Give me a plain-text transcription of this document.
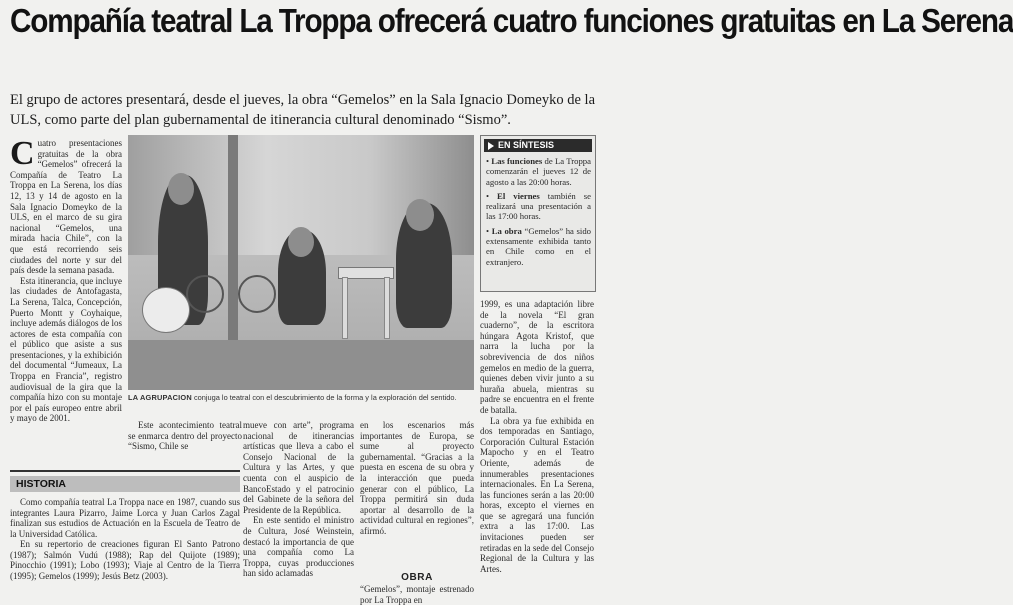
Compañía teatral La Troppa ofrecerá cuatro funciones gratuitas en La Serena

El grupo de actores presentará, desde el jueves, la obra “Gemelos” en la Sala Ignacio Domeyko de la ULS, como parte del plan gubernamental de itinerancia cultural denominado “Sismo”.

Cuatro presentaciones gratuitas de la obra “Gemelos” ofrecerá la Compañía de Teatro La Troppa en La Serena, los días 12, 13 y 14 de agosto en la Sala Ignacio Domeyko de la ULS, en el marco de su gira nacional “Gemelos, una mirada hacia Chile”, con la que está recorriendo seis ciudades del norte y sur del país desde la semana pasada.

Esta itinerancia, que incluye las ciudades de Antofagasta, La Serena, Talca, Concepción, Puerto Montt y Coyhaique, incluye además diálogos de los actores de esta compañía con el público que asiste a sus presentaciones, y la exhibición del documental “Jumeaux, La Troppa en Francia”, registro audiovisual de la gira que la compañía hizo con su montaje por el país europeo entre abril y mayo de 2001.

LA AGRUPACION conjuga lo teatral con el descubrimiento de la forma y la exploración del sentido.

EN SÍNTESIS
• Las funciones de La Troppa comenzarán el jueves 12 de agosto a las 20:00 horas.
• El viernes también se realizará una presentación a las 17:00 horas.
• La obra “Gemelos” ha sido extensamente exhibida tanto en Chile como en el extranjero.

1999, es una adaptación libre de la novela “El gran cuaderno”, de la escritora húngara Agota Kristof, que narra la lucha por la sobrevivencia de dos niños gemelos en medio de la guerra, quienes deben vivir junto a su huraña abuela, mientras su padre se encuentra en el frente de batalla.

La obra ya fue exhibida en dos temporadas en Santiago, Corporación Cultural Estación Mapocho y en el Teatro Oriente, además de innumerables presentaciones internacionales. En La Serena, las funciones serán a las 20:00 horas, excepto el viernes en que se agregará una función extra a las 17:00. Las invitaciones pueden ser retiradas en la sede del Consejo Regional de la Cultura y las Artes.

Este acontecimiento teatral se enmarca dentro del proyecto “Sismo, Chile se

mueve con arte”, programa nacional de itinerancias artísticas que lleva a cabo el Consejo Nacional de la Cultura y las Artes, y que cuenta con el auspicio de BancoEstado y el patrocinio del Gabinete de la señora del Presidente de la República.

En este sentido el ministro de Cultura, José Weinstein, destacó la importancia de que una compañía como La Troppa, cuyas producciones han sido aclamadas

en los escenarios más importantes de Europa, se sume al proyecto gubernamental. “Gracias a la puesta en escena de su obra y la interacción que pueda generar con el público, La Troppa permitirá sin duda aportar al desarrollo de la actividad cultural en regiones”, afirmó.

HISTORIA

Como compañía teatral La Troppa nace en 1987, cuando sus integrantes Laura Pizarro, Jaime Lorca y Juan Carlos Zagal finalizan sus estudios de Actuación en la Escuela de Teatro de la Universidad Católica.

En su repertorio de creaciones figuran El Santo Patrono (1987); Salmón Vudú (1988); Rap del Quijote (1989); Pinocchio (1991); Lobo (1993); Viaje al Centro de la Tierra (1995); Gemelos (1999); Jesús Betz (2003).	OBRA

“Gemelos”, montaje estrenado por La Troppa en
